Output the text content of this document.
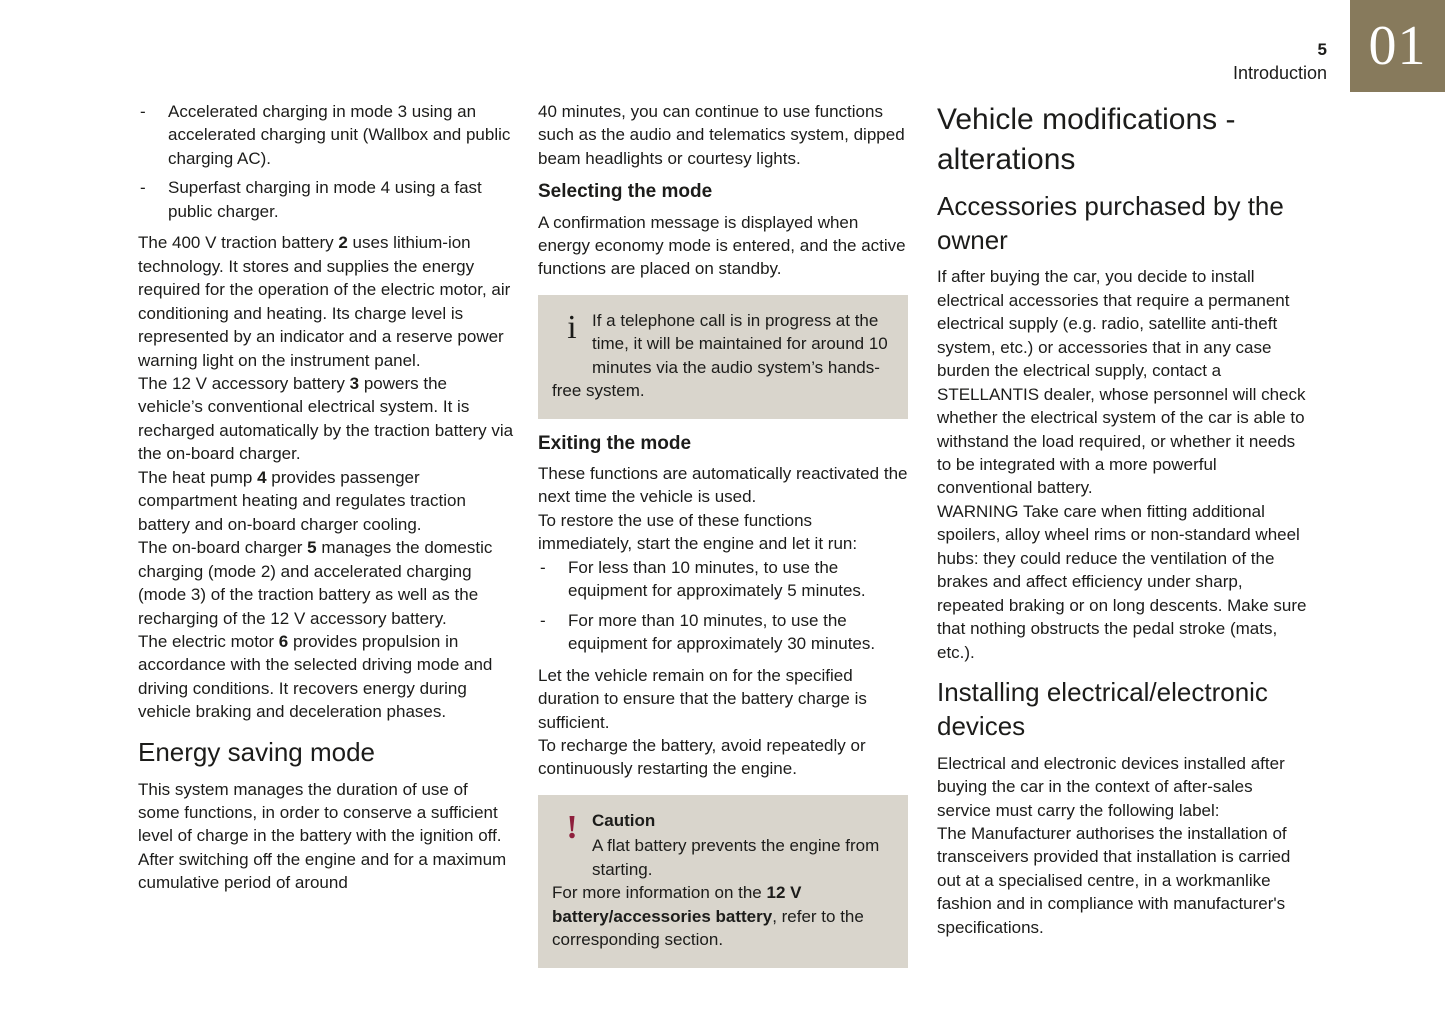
5
Introduction 01
-	Accelerated charging in mode 3 using an accelerated charging unit (Wallbox and public charging AC).
-	Superfast charging in mode 4 using a fast public charger.

The 400 V traction battery 2 uses lithium-ion technology. It stores and supplies the energy required for the operation of the electric motor, air conditioning and heating. Its charge level is represented by an indicator and a reserve power warning light on the instrument panel.

The 12 V accessory battery 3 powers the vehicle’s conventional electrical system. It is recharged automatically by the traction battery via the on-board charger.

The heat pump 4 provides passenger compartment heating and regulates traction battery and on-board charger cooling.

The on-board charger 5 manages the domestic charging (mode 2) and accelerated charging (mode 3) of the traction battery as well as the recharging of the 12 V accessory battery.

The electric motor 6 provides propulsion in accordance with the selected driving mode and driving conditions. It recovers energy during vehicle braking and deceleration phases.

Energy saving mode

This system manages the duration of use of some functions, in order to conserve a sufficient level of charge in the battery with the ignition off.

After switching off the engine and for a maximum cumulative period of around

40 minutes, you can continue to use functions such as the audio and telematics system, dipped beam headlights or courtesy lights.

Selecting the mode

A confirmation message is displayed when energy economy mode is entered, and the active functions are placed on standby.

i If a telephone call is in progress at the time, it will be maintained for around 10 minutes via the audio system’s hands-free system.

Exiting the mode

These functions are automatically reactivated the next time the vehicle is used.

To restore the use of these functions immediately, start the engine and let it run:

-	For less than 10 minutes, to use the equipment for approximately 5 minutes.
-	For more than 10 minutes, to use the equipment for approximately 30 minutes.

Let the vehicle remain on for the specified duration to ensure that the battery charge is sufficient.

To recharge the battery, avoid repeatedly or continuously restarting the engine.

! Caution

A flat battery prevents the engine from starting.

For more information on the 12 V battery/accessories battery, refer to the corresponding section.

Vehicle modifications - alterations
Accessories purchased by the owner

If after buying the car, you decide to install electrical accessories that require a permanent electrical supply (e.g. radio, satellite anti-theft system, etc.) or accessories that in any case burden the electrical supply, contact a STELLANTIS dealer, whose personnel will check whether the electrical system of the car is able to withstand the load required, or whether it needs to be integrated with a more powerful conventional battery.

WARNING Take care when fitting additional spoilers, alloy wheel rims or non-standard wheel hubs: they could reduce the ventilation of the brakes and affect efficiency under sharp, repeated braking or on long descents. Make sure that nothing obstructs the pedal stroke (mats, etc.).

Installing electrical/electronic devices

Electrical and electronic devices installed after buying the car in the context of after-sales service must carry the following label:

The Manufacturer authorises the installation of transceivers provided that installation is carried out at a specialised centre, in a workmanlike fashion and in compliance with manufacturer's specifications.
